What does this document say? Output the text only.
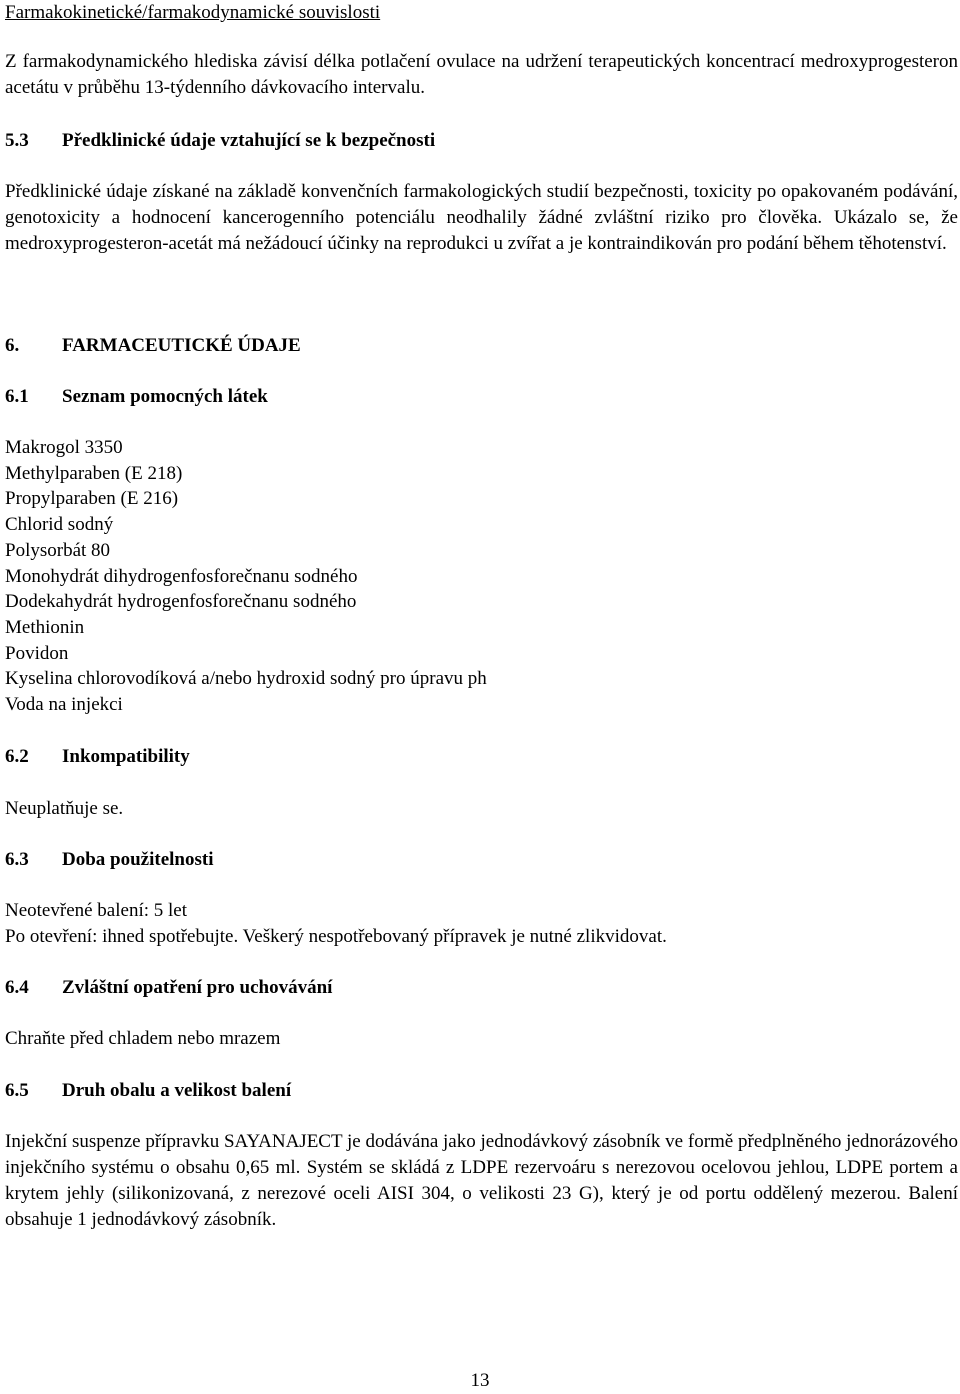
Farmakokinetické/farmakodynamické souvislosti
Z farmakodynamického hlediska závisí délka potlačení ovulace na udržení terapeutických koncentrací medroxyprogesteron acetátu v průběhu 13-týdenního dávkovacího intervalu.
5.3 Předklinické údaje vztahující se k bezpečnosti
Předklinické údaje získané na základě konvenčních farmakologických studií bezpečnosti, toxicity po opakovaném podávání, genotoxicity a hodnocení kancerogenního potenciálu neodhalily žádné zvláštní riziko pro člověka. Ukázalo se, že medroxyprogesteron-acetát má nežádoucí účinky na reprodukci u zvířat a je kontraindikován pro podání během těhotenství.
6. FARMACEUTICKÉ ÚDAJE
6.1 Seznam pomocných látek
Makrogol 3350
Methylparaben (E 218)
Propylparaben (E 216)
Chlorid sodný
Polysorbát 80
Monohydrát dihydrogenfosforečnanu sodného
Dodekahydrát hydrogenfosforečnanu sodného
Methionin
Povidon
Kyselina chlorovodíková a/nebo hydroxid sodný pro úpravu ph
Voda na injekci
6.2 Inkompatibility
Neuplatňuje se.
6.3 Doba použitelnosti
Neotevřené balení: 5 let
Po otevření: ihned spotřebujte. Veškerý nespotřebovaný přípravek je nutné zlikvidovat.
6.4 Zvláštní opatření pro uchovávání
Chraňte před chladem nebo mrazem
6.5 Druh obalu a velikost balení
Injekční suspenze přípravku SAYANAJECT je dodávána jako jednodávkový zásobník ve formě předplněného jednorázového injekčního systému o obsahu 0,65 ml. Systém se skládá z LDPE rezervoáru s nerezovou ocelovou jehlou, LDPE portem a krytem jehly (silikonizovaná, z nerezové oceli AISI 304, o velikosti 23 G), který je od portu oddělený mezerou. Balení obsahuje 1 jednodávkový zásobník.
13
